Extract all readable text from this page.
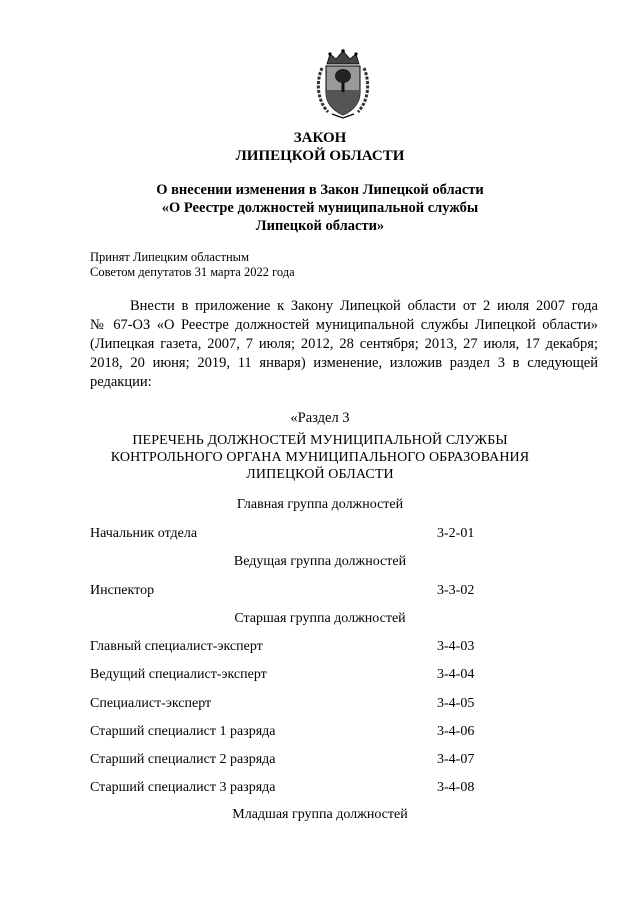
ЗАКОН
ЛИПЕЦКОЙ ОБЛАСТИ
О внесении изменения в Закон Липецкой области
«О Реестре должностей муниципальной службы
Липецкой области»
Принят Липецким областным
Советом депутатов 31 марта 2022 года
Внести в приложение к Закону Липецкой области от 2 июля 2007 года
№ 67-ОЗ «О Реестре должностей муниципальной службы Липецкой области»
(Липецкая газета, 2007, 7 июля; 2012, 28 сентября; 2013, 27 июля, 17 декабря;
2018, 20 июня; 2019, 11 января) изменение, изложив раздел 3 в следующей
редакции:
«Раздел 3
ПЕРЕЧЕНЬ ДОЛЖНОСТЕЙ МУНИЦИПАЛЬНОЙ СЛУЖБЫ
КОНТРОЛЬНОГО ОРГАНА МУНИЦИПАЛЬНОГО ОБРАЗОВАНИЯ
ЛИПЕЦКОЙ ОБЛАСТИ
Главная группа должностей
Начальник отдела	3-2-01
Ведущая группа должностей
Инспектор	3-3-02
Старшая группа должностей
Главный специалист-эксперт	3-4-03
Ведущий специалист-эксперт	3-4-04
Специалист-эксперт	3-4-05
Старший специалист 1 разряда	3-4-06
Старший специалист 2 разряда	3-4-07
Старший специалист 3 разряда	3-4-08
Младшая группа должностей
